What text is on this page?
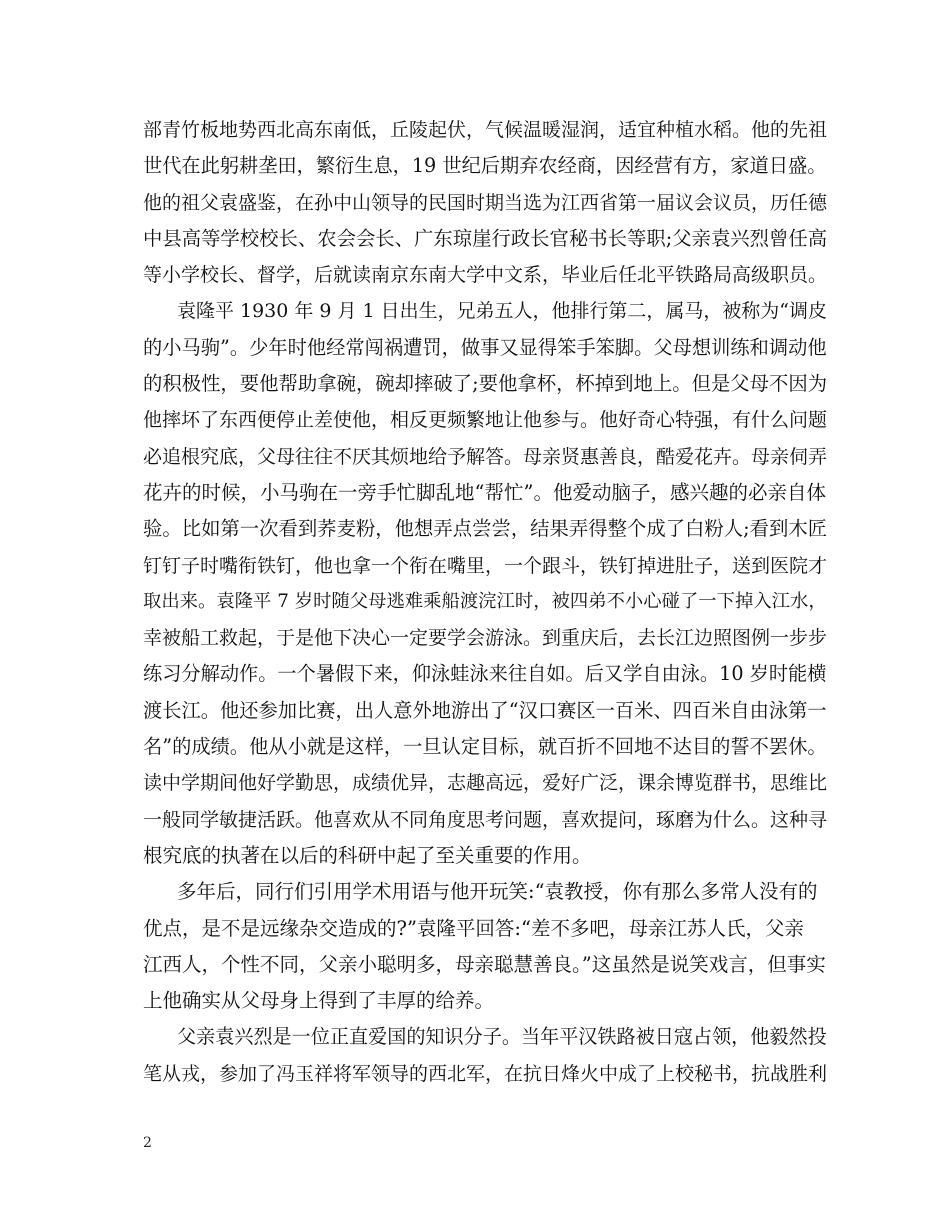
部青竹板地势西北高东南低，丘陵起伏，气候温暖湿润，适宜种植水稻。他的先祖
世代在此躬耕垄田，繁衍生息，19 世纪后期弃农经商，因经营有方，家道日盛。
他的祖父袁盛鉴，在孙中山领导的民国时期当选为江西省第一届议会议员，历任德
中县高等学校校长、农会会长、广东琼崖行政长官秘书长等职;父亲袁兴烈曾任高
等小学校长、督学，后就读南京东南大学中文系，毕业后任北平铁路局高级职员。
袁隆平 1930 年 9 月 1 日出生，兄弟五人，他排行第二，属马，被称为“调皮
的小马驹”。少年时他经常闯祸遭罚，做事又显得笨手笨脚。父母想训练和调动他
的积极性，要他帮助拿碗，碗却摔破了;要他拿杯，杯掉到地上。但是父母不因为
他摔坏了东西便停止差使他，相反更频繁地让他参与。他好奇心特强，有什么问题
必追根究底，父母往往不厌其烦地给予解答。母亲贤惠善良，酷爱花卉。母亲伺弄
花卉的时候，小马驹在一旁手忙脚乱地“帮忙”。他爱动脑子，感兴趣的必亲自体
验。比如第一次看到荞麦粉，他想弄点尝尝，结果弄得整个成了白粉人;看到木匠
钉钉子时嘴衔铁钉，他也拿一个衔在嘴里，一个跟斗，铁钉掉进肚子，送到医院才
取出来。袁隆平 7 岁时随父母逃难乘船渡浣江时，被四弟不小心碰了一下掉入江水，
幸被船工救起，于是他下决心一定要学会游泳。到重庆后，去长江边照图例一步步
练习分解动作。一个暑假下来，仰泳蛙泳来往自如。后又学自由泳。10 岁时能横
渡长江。他还参加比赛，出人意外地游出了“汉口赛区一百米、四百米自由泳第一
名”的成绩。他从小就是这样，一旦认定目标，就百折不回地不达目的誓不罢休。
读中学期间他好学勤思，成绩优异，志趣高远，爱好广泛，课余博览群书，思维比
一般同学敏捷活跃。他喜欢从不同角度思考问题，喜欢提问，琢磨为什么。这种寻
根究底的执著在以后的科研中起了至关重要的作用。
多年后，同行们引用学术用语与他开玩笑:“袁教授，你有那么多常人没有的
优点，是不是远缘杂交造成的?”袁隆平回答:“差不多吧，母亲江苏人氏，父亲
江西人，个性不同，父亲小聪明多，母亲聪慧善良。”这虽然是说笑戏言，但事实
上他确实从父母身上得到了丰厚的给养。
父亲袁兴烈是一位正直爱国的知识分子。当年平汉铁路被日寇占领，他毅然投
笔从戎，参加了冯玉祥将军领导的西北军，在抗日烽火中成了上校秘书，抗战胜利
2
